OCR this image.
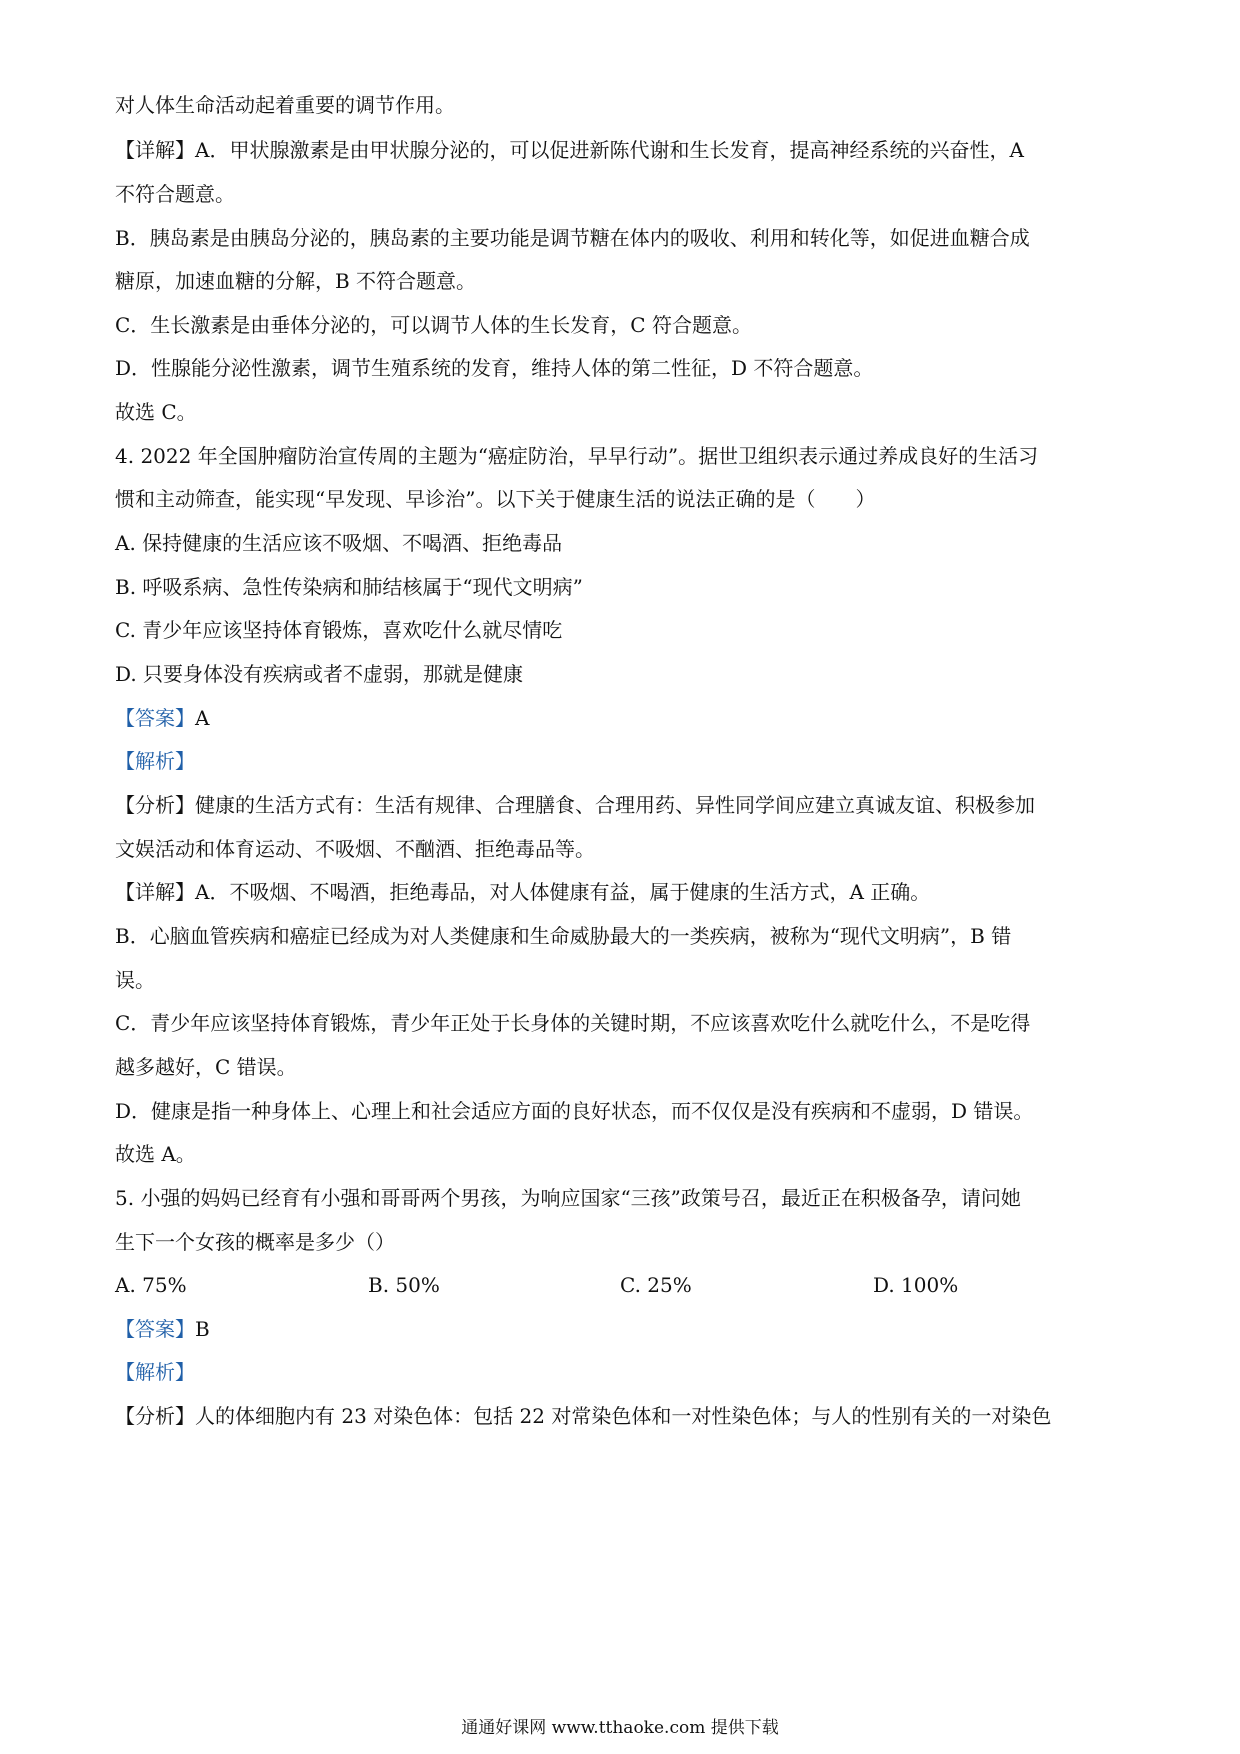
对人体生命活动起着重要的调节作用。
【详解】A．甲状腺激素是由甲状腺分泌的，可以促进新陈代谢和生长发育，提高神经系统的兴奋性，A
不符合题意。
B．胰岛素是由胰岛分泌的，胰岛素的主要功能是调节糖在体内的吸收、利用和转化等，如促进血糖合成
糖原，加速血糖的分解，B 不符合题意。
C．生长激素是由垂体分泌的，可以调节人体的生长发育，C 符合题意。
D．性腺能分泌性激素，调节生殖系统的发育，维持人体的第二性征，D 不符合题意。
故选 C。
4. 2022 年全国肿瘤防治宣传周的主题为“癌症防治，早早行动”。据世卫组织表示通过养成良好的生活习
惯和主动筛查，能实现“早发现、早诊治”。以下关于健康生活的说法正确的是（　　）
A. 保持健康的生活应该不吸烟、不喝酒、拒绝毒品
B. 呼吸系病、急性传染病和肺结核属于“现代文明病”
C. 青少年应该坚持体育锻炼，喜欢吃什么就尽情吃
D. 只要身体没有疾病或者不虚弱，那就是健康
【答案】A
【解析】
【分析】健康的生活方式有：生活有规律、合理膳食、合理用药、异性同学间应建立真诚友谊、积极参加
文娱活动和体育运动、不吸烟、不酗酒、拒绝毒品等。
【详解】A．不吸烟、不喝酒，拒绝毒品，对人体健康有益，属于健康的生活方式，A 正确。
B．心脑血管疾病和癌症已经成为对人类健康和生命威胁最大的一类疾病，被称为“现代文明病”，B 错
误。
C．青少年应该坚持体育锻炼，青少年正处于长身体的关键时期，不应该喜欢吃什么就吃什么，不是吃得
越多越好，C 错误。
D．健康是指一种身体上、心理上和社会适应方面的良好状态，而不仅仅是没有疾病和不虚弱，D 错误。
故选 A。
5. 小强的妈妈已经育有小强和哥哥两个男孩，为响应国家“三孩”政策号召，最近正在积极备孕，请问她
生下一个女孩的概率是多少（）
A. 75%	B. 50%	C. 25%	D. 100%
【答案】B
【解析】
【分析】人的体细胞内有 23 对染色体：包括 22 对常染色体和一对性染色体；与人的性别有关的一对染色
通通好课网 www.tthaoke.com 提供下载
